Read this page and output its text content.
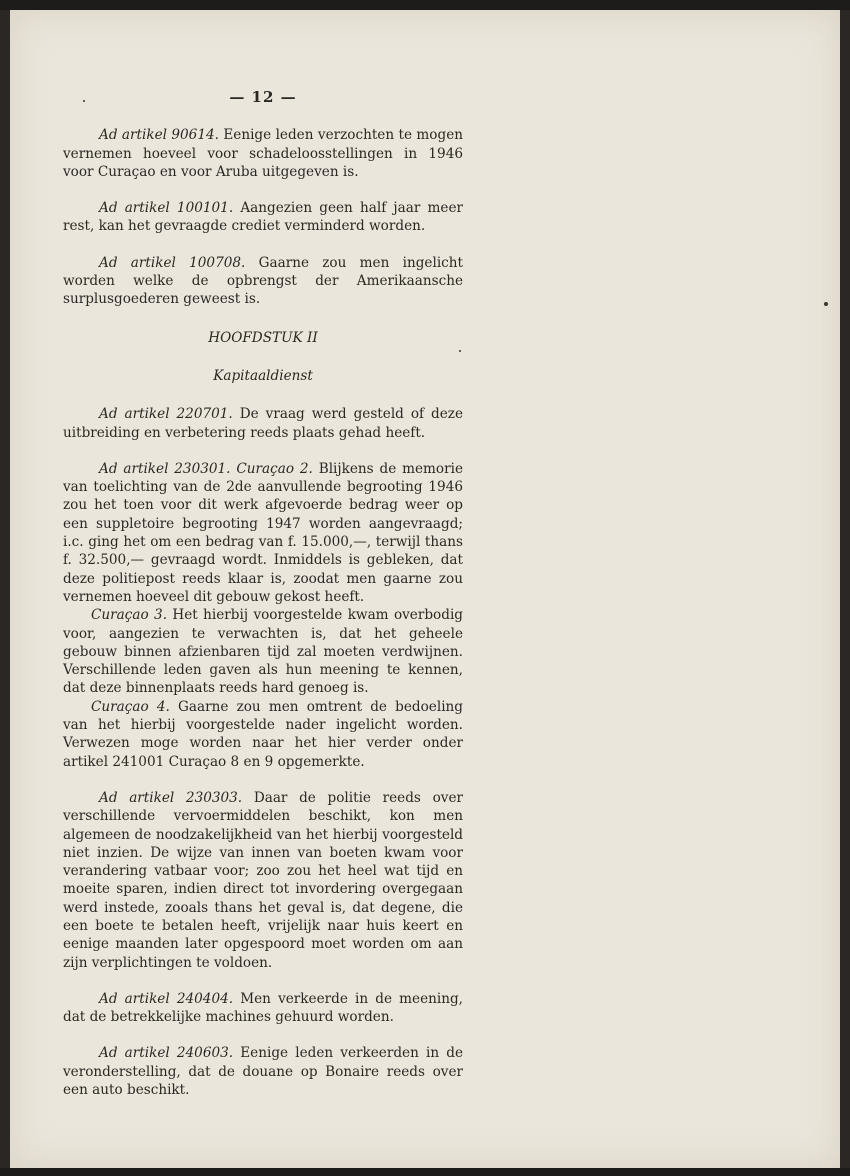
— 12 —

Ad artikel 90614. Eenige leden verzochten te mogen vernemen hoeveel voor schadeloosstellingen in 1946 voor Curaçao en voor Aruba uitgegeven is.

Ad artikel 100101. Aangezien geen half jaar meer rest, kan het gevraagde crediet verminderd worden.

Ad artikel 100708. Gaarne zou men ingelicht worden welke de opbrengst der Amerikaansche surplusgoederen geweest is.

HOOFDSTUK II

Kapitaaldienst

Ad artikel 220701. De vraag werd gesteld of deze uitbreiding en verbetering reeds plaats gehad heeft.

Ad artikel 230301. Curaçao 2. Blijkens de memorie van toelichting van de 2de aanvullende begrooting 1946 zou het toen voor dit werk afgevoerde bedrag weer op een suppletoire begrooting 1947 worden aangevraagd; i.c. ging het om een bedrag van f. 15.000,—, terwijl thans f. 32.500,— gevraagd wordt. Inmiddels is gebleken, dat deze politiepost reeds klaar is, zoodat men gaarne zou vernemen hoeveel dit gebouw gekost heeft.

Curaçao 3. Het hierbij voorgestelde kwam overbodig voor, aangezien te verwachten is, dat het geheele gebouw binnen afzienbaren tijd zal moeten verdwijnen. Verschillende leden gaven als hun meening te kennen, dat deze binnenplaats reeds hard genoeg is.

Curaçao 4. Gaarne zou men omtrent de bedoeling van het hierbij voorgestelde nader ingelicht worden. Verwezen moge worden naar het hier verder onder artikel 241001 Curaçao 8 en 9 opgemerkte.

Ad artikel 230303. Daar de politie reeds over verschillende vervoermiddelen beschikt, kon men algemeen de noodzakelijkheid van het hierbij voorgesteld niet inzien. De wijze van innen van boeten kwam voor verandering vatbaar voor; zoo zou het heel wat tijd en moeite sparen, indien direct tot invordering overgegaan werd instede, zooals thans het geval is, dat degene, die een boete te betalen heeft, vrijelijk naar huis keert en eenige maanden later opgespoord moet worden om aan zijn verplichtingen te voldoen.

Ad artikel 240404. Men verkeerde in de meening, dat de betrekkelijke machines gehuurd worden.

Ad artikel 240603. Eenige leden verkeerden in de veronderstelling, dat de douane op Bonaire reeds over een auto beschikt.
